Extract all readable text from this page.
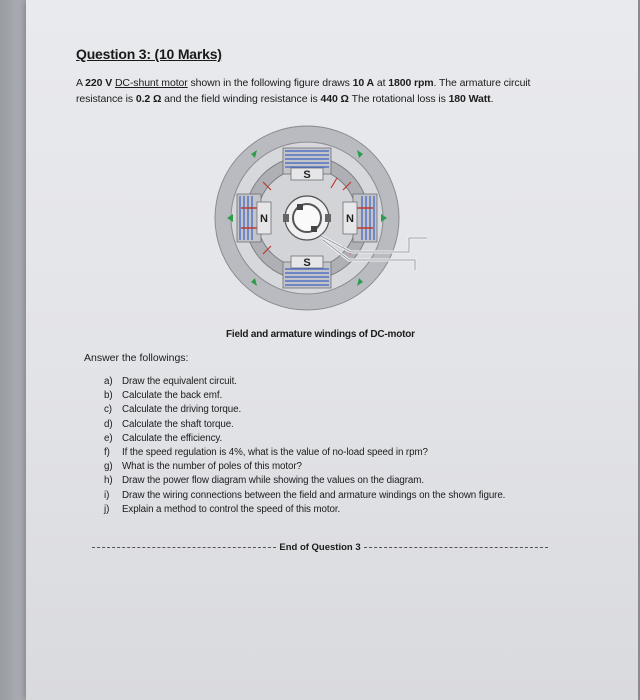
Question 3: (10 Marks)
A 220 V DC-shunt motor shown in the following figure draws 10 A at 1800 rpm. The armature circuit resistance is 0.2 Ω and the field winding resistance is 440 Ω The rotational loss is 180 Watt.
S
S
N	N
Field and armature windings of DC-motor
Answer the followings:
a) Draw the equivalent circuit.
b) Calculate the back emf.
c)	Calculate the driving torque.
d) Calculate the shaft torque.
e) Calculate the efficiency.
f)	If the speed regulation is 4%, what is the value of no-load speed in rpm?
g) What is the number of poles of this motor?
h) Draw the power flow diagram while showing the values on the diagram.
i)	Draw the wiring connections between the field and armature windings on the shown figure.
j)	Explain a method to control the speed of this motor.
End of Question 3
